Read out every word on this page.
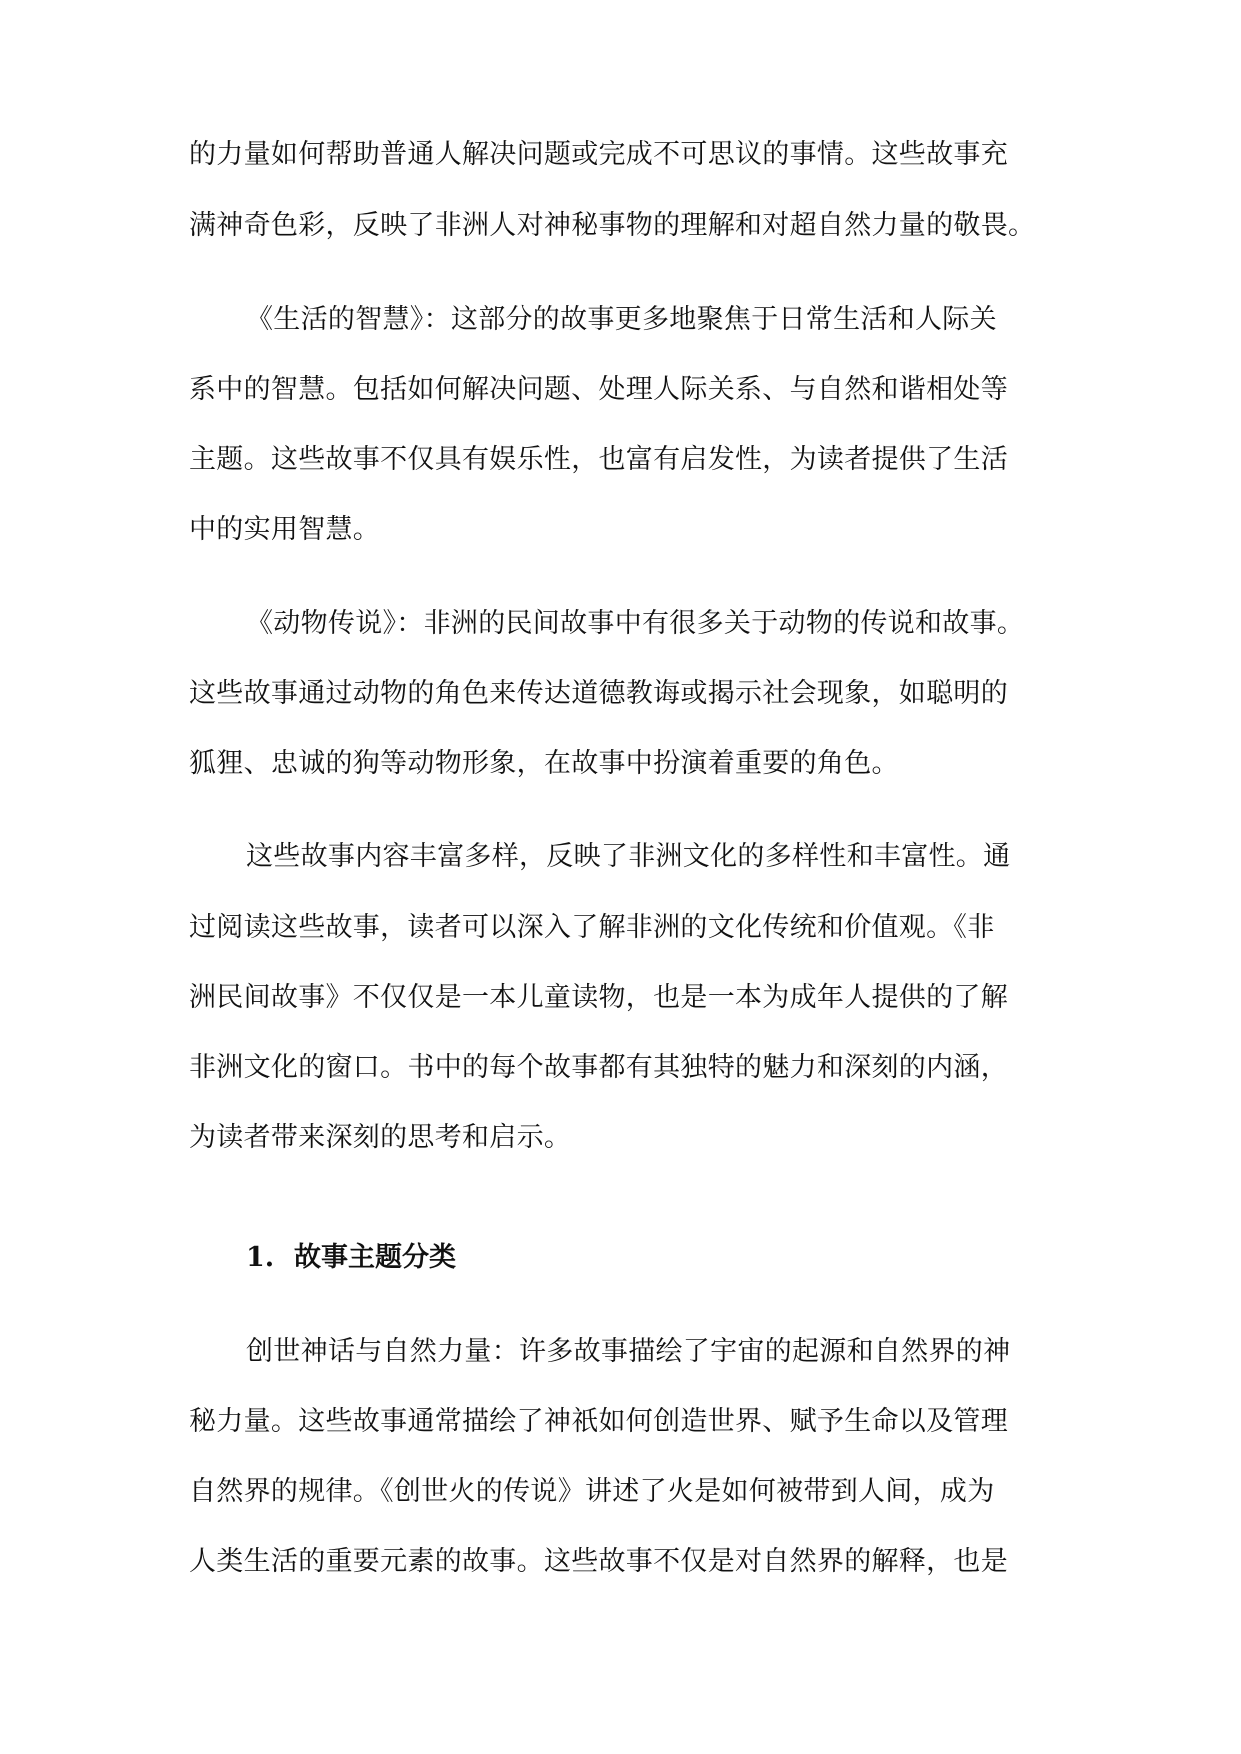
的力量如何帮助普通人解决问题或完成不可思议的事情。这些故事充
满神奇色彩，反映了非洲人对神秘事物的理解和对超自然力量的敬畏。
《生活的智慧》：这部分的故事更多地聚焦于日常生活和人际关
系中的智慧。包括如何解决问题、处理人际关系、与自然和谐相处等
主题。这些故事不仅具有娱乐性，也富有启发性，为读者提供了生活
中的实用智慧。
《动物传说》：非洲的民间故事中有很多关于动物的传说和故事。
这些故事通过动物的角色来传达道德教诲或揭示社会现象，如聪明的
狐狸、忠诚的狗等动物形象，在故事中扮演着重要的角色。
这些故事内容丰富多样，反映了非洲文化的多样性和丰富性。通
过阅读这些故事，读者可以深入了解非洲的文化传统和价值观。《非
洲民间故事》不仅仅是一本儿童读物，也是一本为成年人提供的了解
非洲文化的窗口。书中的每个故事都有其独特的魅力和深刻的内涵，
为读者带来深刻的思考和启示。
1. 故事主题分类
创世神话与自然力量：许多故事描绘了宇宙的起源和自然界的神
秘力量。这些故事通常描绘了神祇如何创造世界、赋予生命以及管理
自然界的规律。《创世火的传说》讲述了火是如何被带到人间，成为
人类生活的重要元素的故事。这些故事不仅是对自然界的解释，也是
